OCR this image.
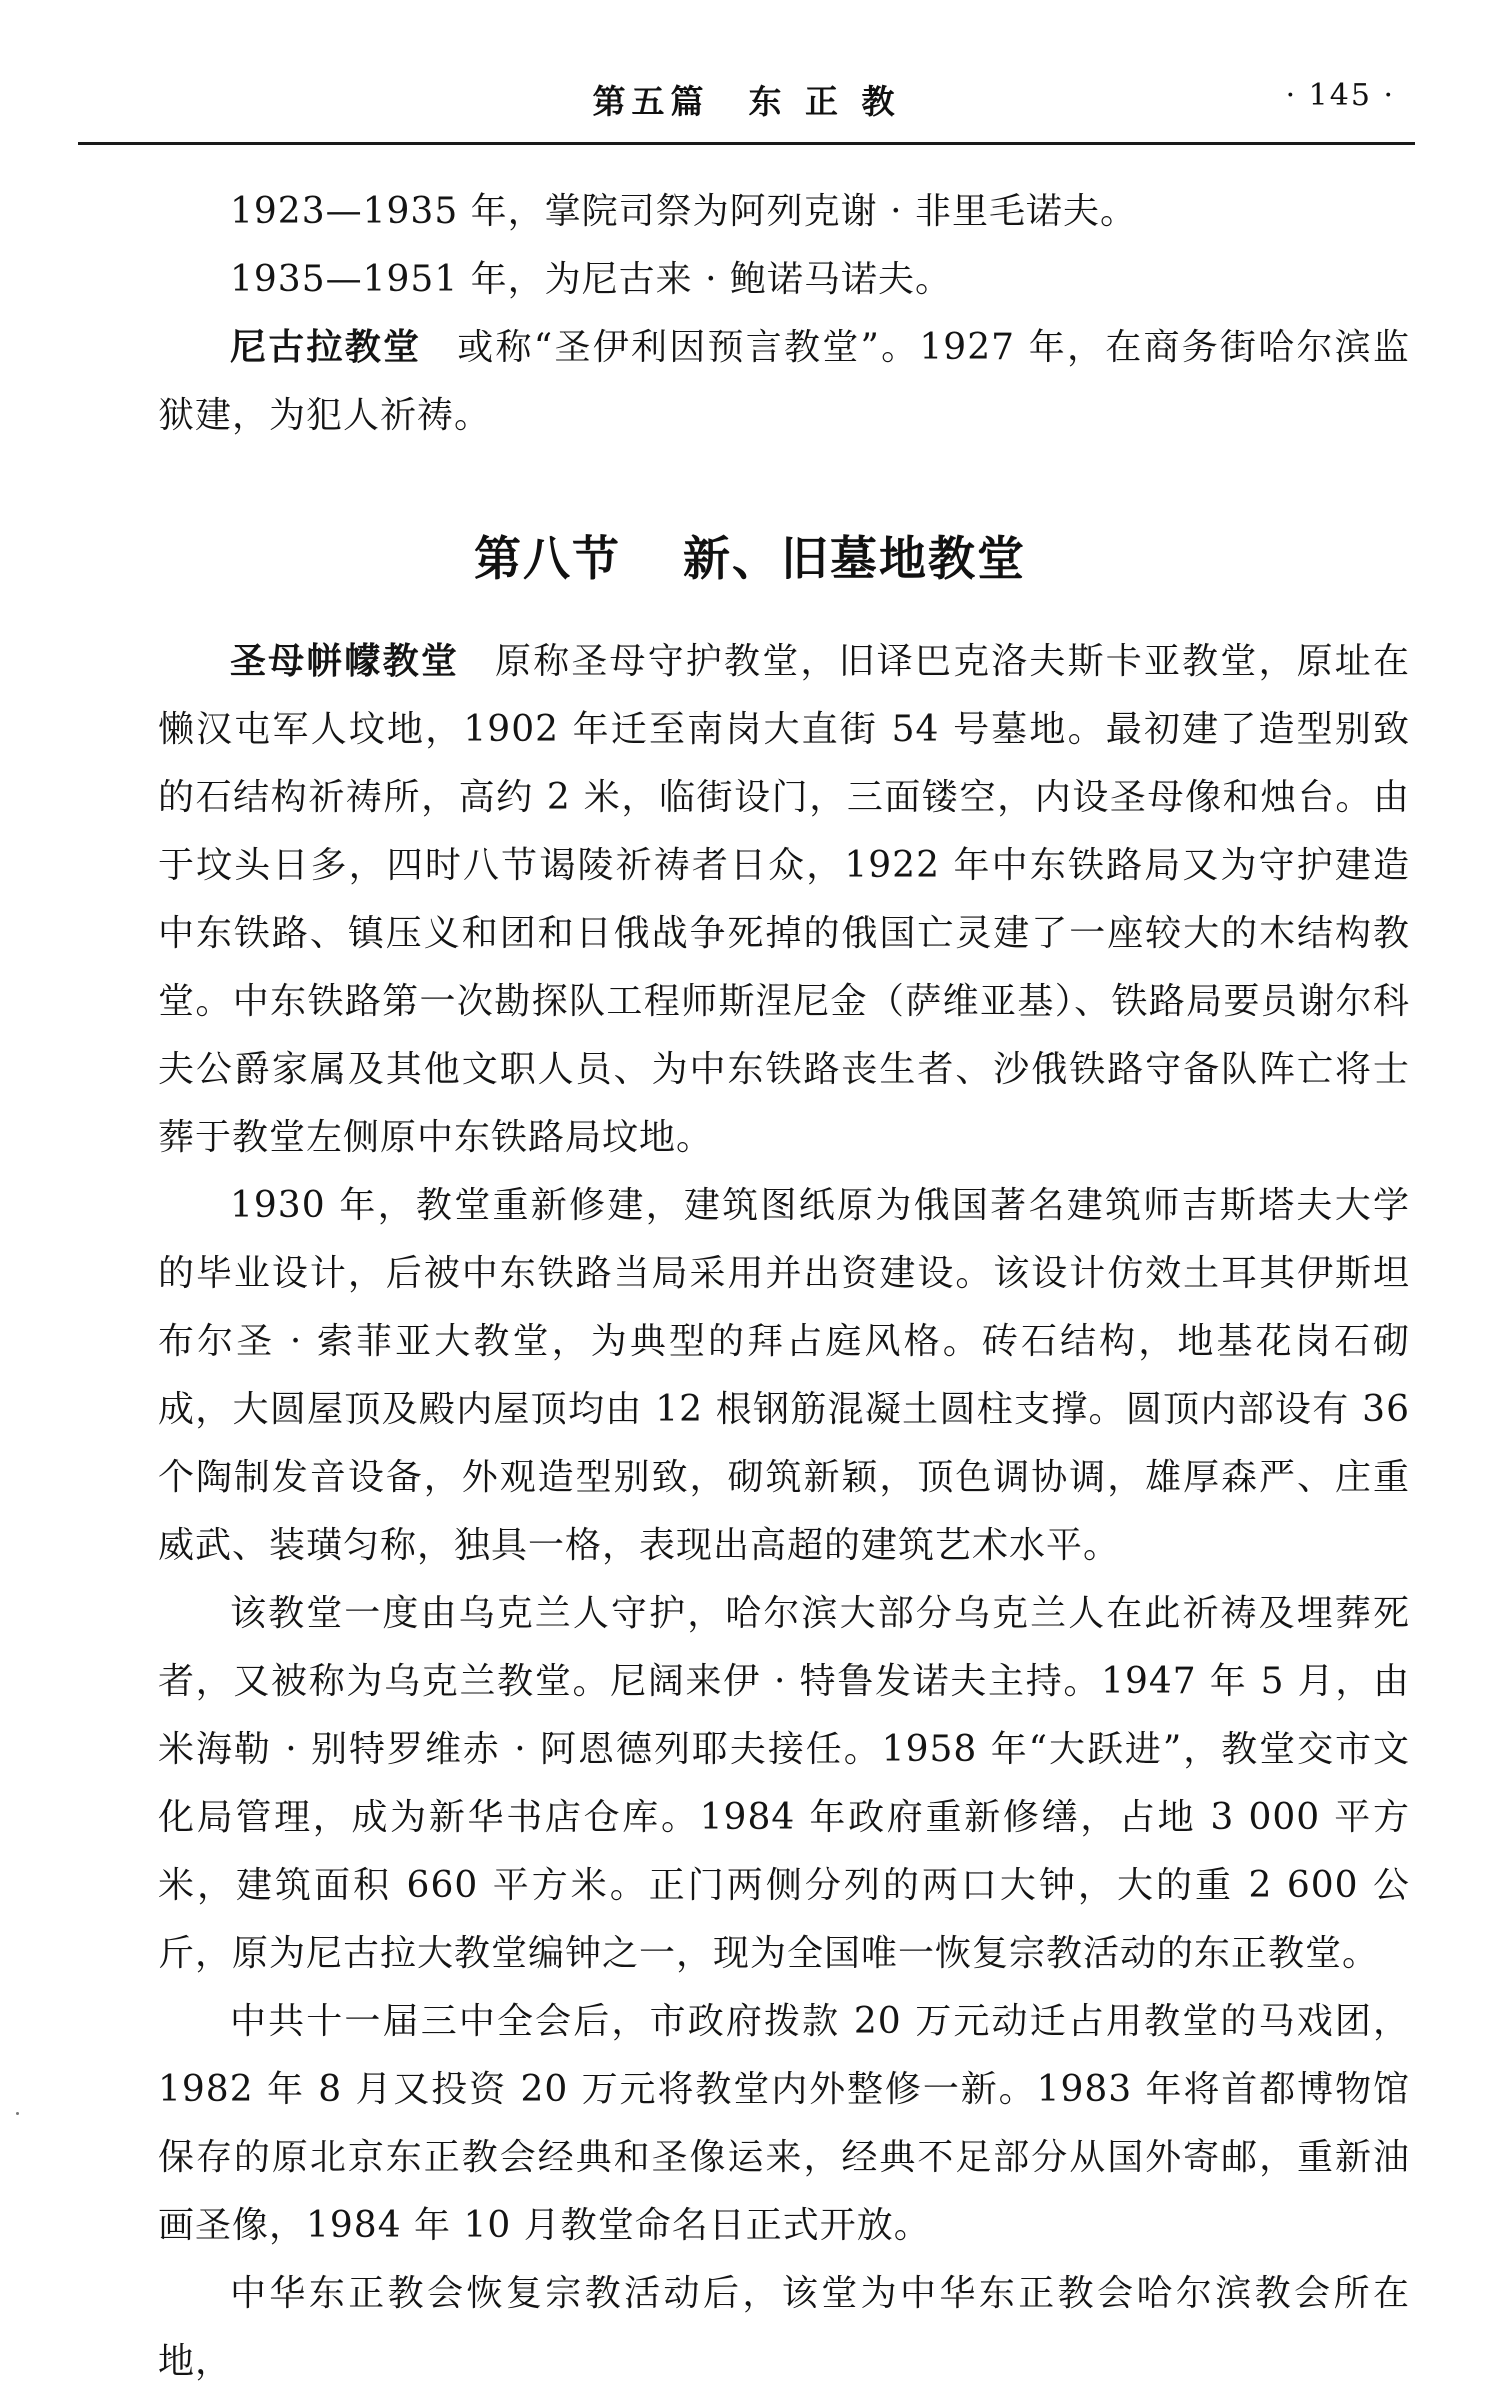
第五篇　东 正 教	· 145 ·

1923—1935 年，掌院司祭为阿列克谢 · 非里毛诺夫。

1935—1951 年，为尼古来 · 鲍诺马诺夫。

尼古拉教堂 或称“圣伊利因预言教堂”。1927 年，在商务街哈尔滨监狱建，为犯人祈祷。

第八节 新、旧墓地教堂

圣母帡幪教堂 原称圣母守护教堂，旧译巴克洛夫斯卡亚教堂，原址在懒汉屯军人坟地，1902 年迁至南岗大直街 54 号墓地。最初建了造型别致的石结构祈祷所，高约 2 米，临街设门，三面镂空，内设圣母像和烛台。由于坟头日多，四时八节谒陵祈祷者日众，1922 年中东铁路局又为守护建造中东铁路、镇压义和团和日俄战争死掉的俄国亡灵建了一座较大的木结构教堂。中东铁路第一次勘探队工程师斯涅尼金（萨维亚基）、铁路局要员谢尔科夫公爵家属及其他文职人员、为中东铁路丧生者、沙俄铁路守备队阵亡将士葬于教堂左侧原中东铁路局坟地。

1930 年，教堂重新修建，建筑图纸原为俄国著名建筑师吉斯塔夫大学的毕业设计，后被中东铁路当局采用并出资建设。该设计仿效土耳其伊斯坦布尔圣 · 索菲亚大教堂，为典型的拜占庭风格。砖石结构，地基花岗石砌成，大圆屋顶及殿内屋顶均由 12 根钢筋混凝土圆柱支撑。圆顶内部设有 36 个陶制发音设备，外观造型别致，砌筑新颖，顶色调协调，雄厚森严、庄重威武、装璜匀称，独具一格，表现出高超的建筑艺术水平。

该教堂一度由乌克兰人守护，哈尔滨大部分乌克兰人在此祈祷及埋葬死者，又被称为乌克兰教堂。尼阔来伊 · 特鲁发诺夫主持。1947 年 5 月，由米海勒 · 别特罗维赤 · 阿恩德列耶夫接任。1958 年“大跃进”，教堂交市文化局管理，成为新华书店仓库。1984 年政府重新修缮，占地 3 000 平方米，建筑面积 660 平方米。正门两侧分列的两口大钟，大的重 2 600 公斤，原为尼古拉大教堂编钟之一，现为全国唯一恢复宗教活动的东正教堂。

中共十一届三中全会后，市政府拨款 20 万元动迁占用教堂的马戏团，1982 年 8 月又投资 20 万元将教堂内外整修一新。1983 年将首都博物馆保存的原北京东正教会经典和圣像运来，经典不足部分从国外寄邮，重新油画圣像，1984 年 10 月教堂命名日正式开放。

中华东正教会恢复宗教活动后，该堂为中华东正教会哈尔滨教会所在地，
